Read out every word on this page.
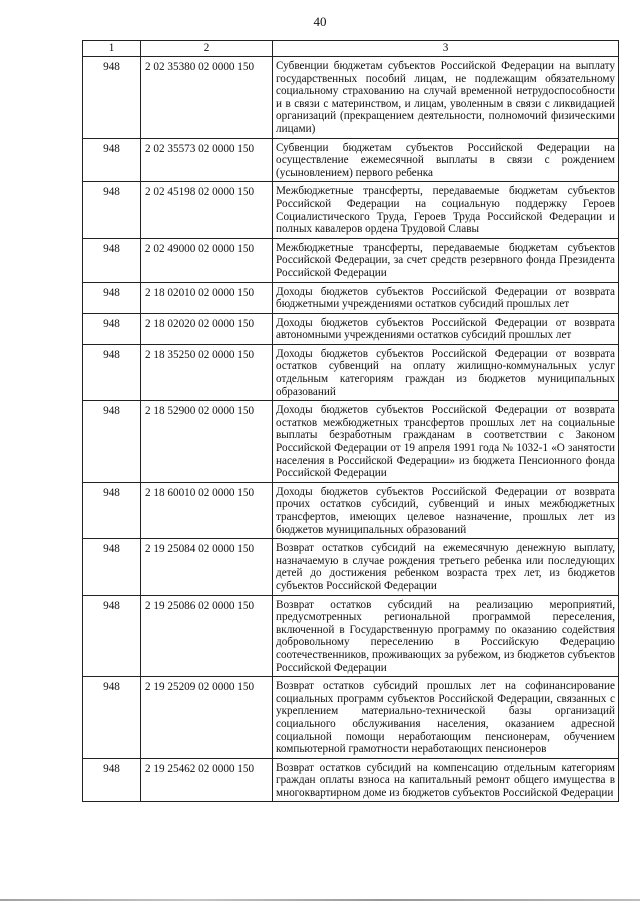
40
1	2	3
948	2 02 35380 02 0000 150	Субвенции бюджетам субъектов Российской Федерации на выплату государственных пособий лицам, не подлежащим обязательному социальному страхованию на случай временной нетрудоспособности и в связи с материнством, и лицам, уволенным в связи с ликвидацией организаций (прекращением деятельности, полномочий физическими лицами)
948	2 02 35573 02 0000 150	Субвенции бюджетам субъектов Российской Федерации на осуществление ежемесячной выплаты в связи с рождением (усыновлением) первого ребенка
948	2 02 45198 02 0000 150	Межбюджетные трансферты, передаваемые бюджетам субъектов Российской Федерации на социальную поддержку Героев Социалистического Труда, Героев Труда Российской Федерации и полных кавалеров ордена Трудовой Славы
948	2 02 49000 02 0000 150	Межбюджетные трансферты, передаваемые бюджетам субъектов Российской Федерации, за счет средств резервного фонда Президента Российской Федерации
948	2 18 02010 02 0000 150	Доходы бюджетов субъектов Российской Федерации от возврата бюджетными учреждениями остатков субсидий прошлых лет
948	2 18 02020 02 0000 150	Доходы бюджетов субъектов Российской Федерации от возврата автономными учреждениями остатков субсидий прошлых лет
948	2 18 35250 02 0000 150	Доходы бюджетов субъектов Российской Федерации от возврата остатков субвенций на оплату жилищно-коммунальных услуг отдельным категориям граждан из бюджетов муниципальных образований
948	2 18 52900 02 0000 150	Доходы бюджетов субъектов Российской Федерации от возврата остатков межбюджетных трансфертов прошлых лет на социальные выплаты безработным гражданам в соответствии с Законом Российской Федерации от 19 апреля 1991 года № 1032-1 «О занятости населения в Российской Федерации» из бюджета Пенсионного фонда Российской Федерации
948	2 18 60010 02 0000 150	Доходы бюджетов субъектов Российской Федерации от возврата прочих остатков субсидий, субвенций и иных межбюджетных трансфертов, имеющих целевое назначение, прошлых лет из бюджетов муниципальных образований
948	2 19 25084 02 0000 150	Возврат остатков субсидий на ежемесячную денежную выплату, назначаемую в случае рождения третьего ребенка или последующих детей до достижения ребенком возраста трех лет, из бюджетов субъектов Российской Федерации
948	2 19 25086 02 0000 150	Возврат остатков субсидий на реализацию мероприятий, предусмотренных региональной программой переселения, включенной в Государственную программу по оказанию содействия добровольному переселению в Российскую Федерацию соотечественников, проживающих за рубежом, из бюджетов субъектов Российской Федерации
948	2 19 25209 02 0000 150	Возврат остатков субсидий прошлых лет на софинансирование социальных программ субъектов Российской Федерации, связанных с укреплением материально-технической базы организаций социального обслуживания населения, оказанием адресной социальной помощи неработающим пенсионерам, обучением компьютерной грамотности неработающих пенсионеров
948	2 19 25462 02 0000 150	Возврат остатков субсидий на компенсацию отдельным категориям граждан оплаты взноса на капитальный ремонт общего имущества в многоквартирном доме из бюджетов субъектов Российской Федерации
